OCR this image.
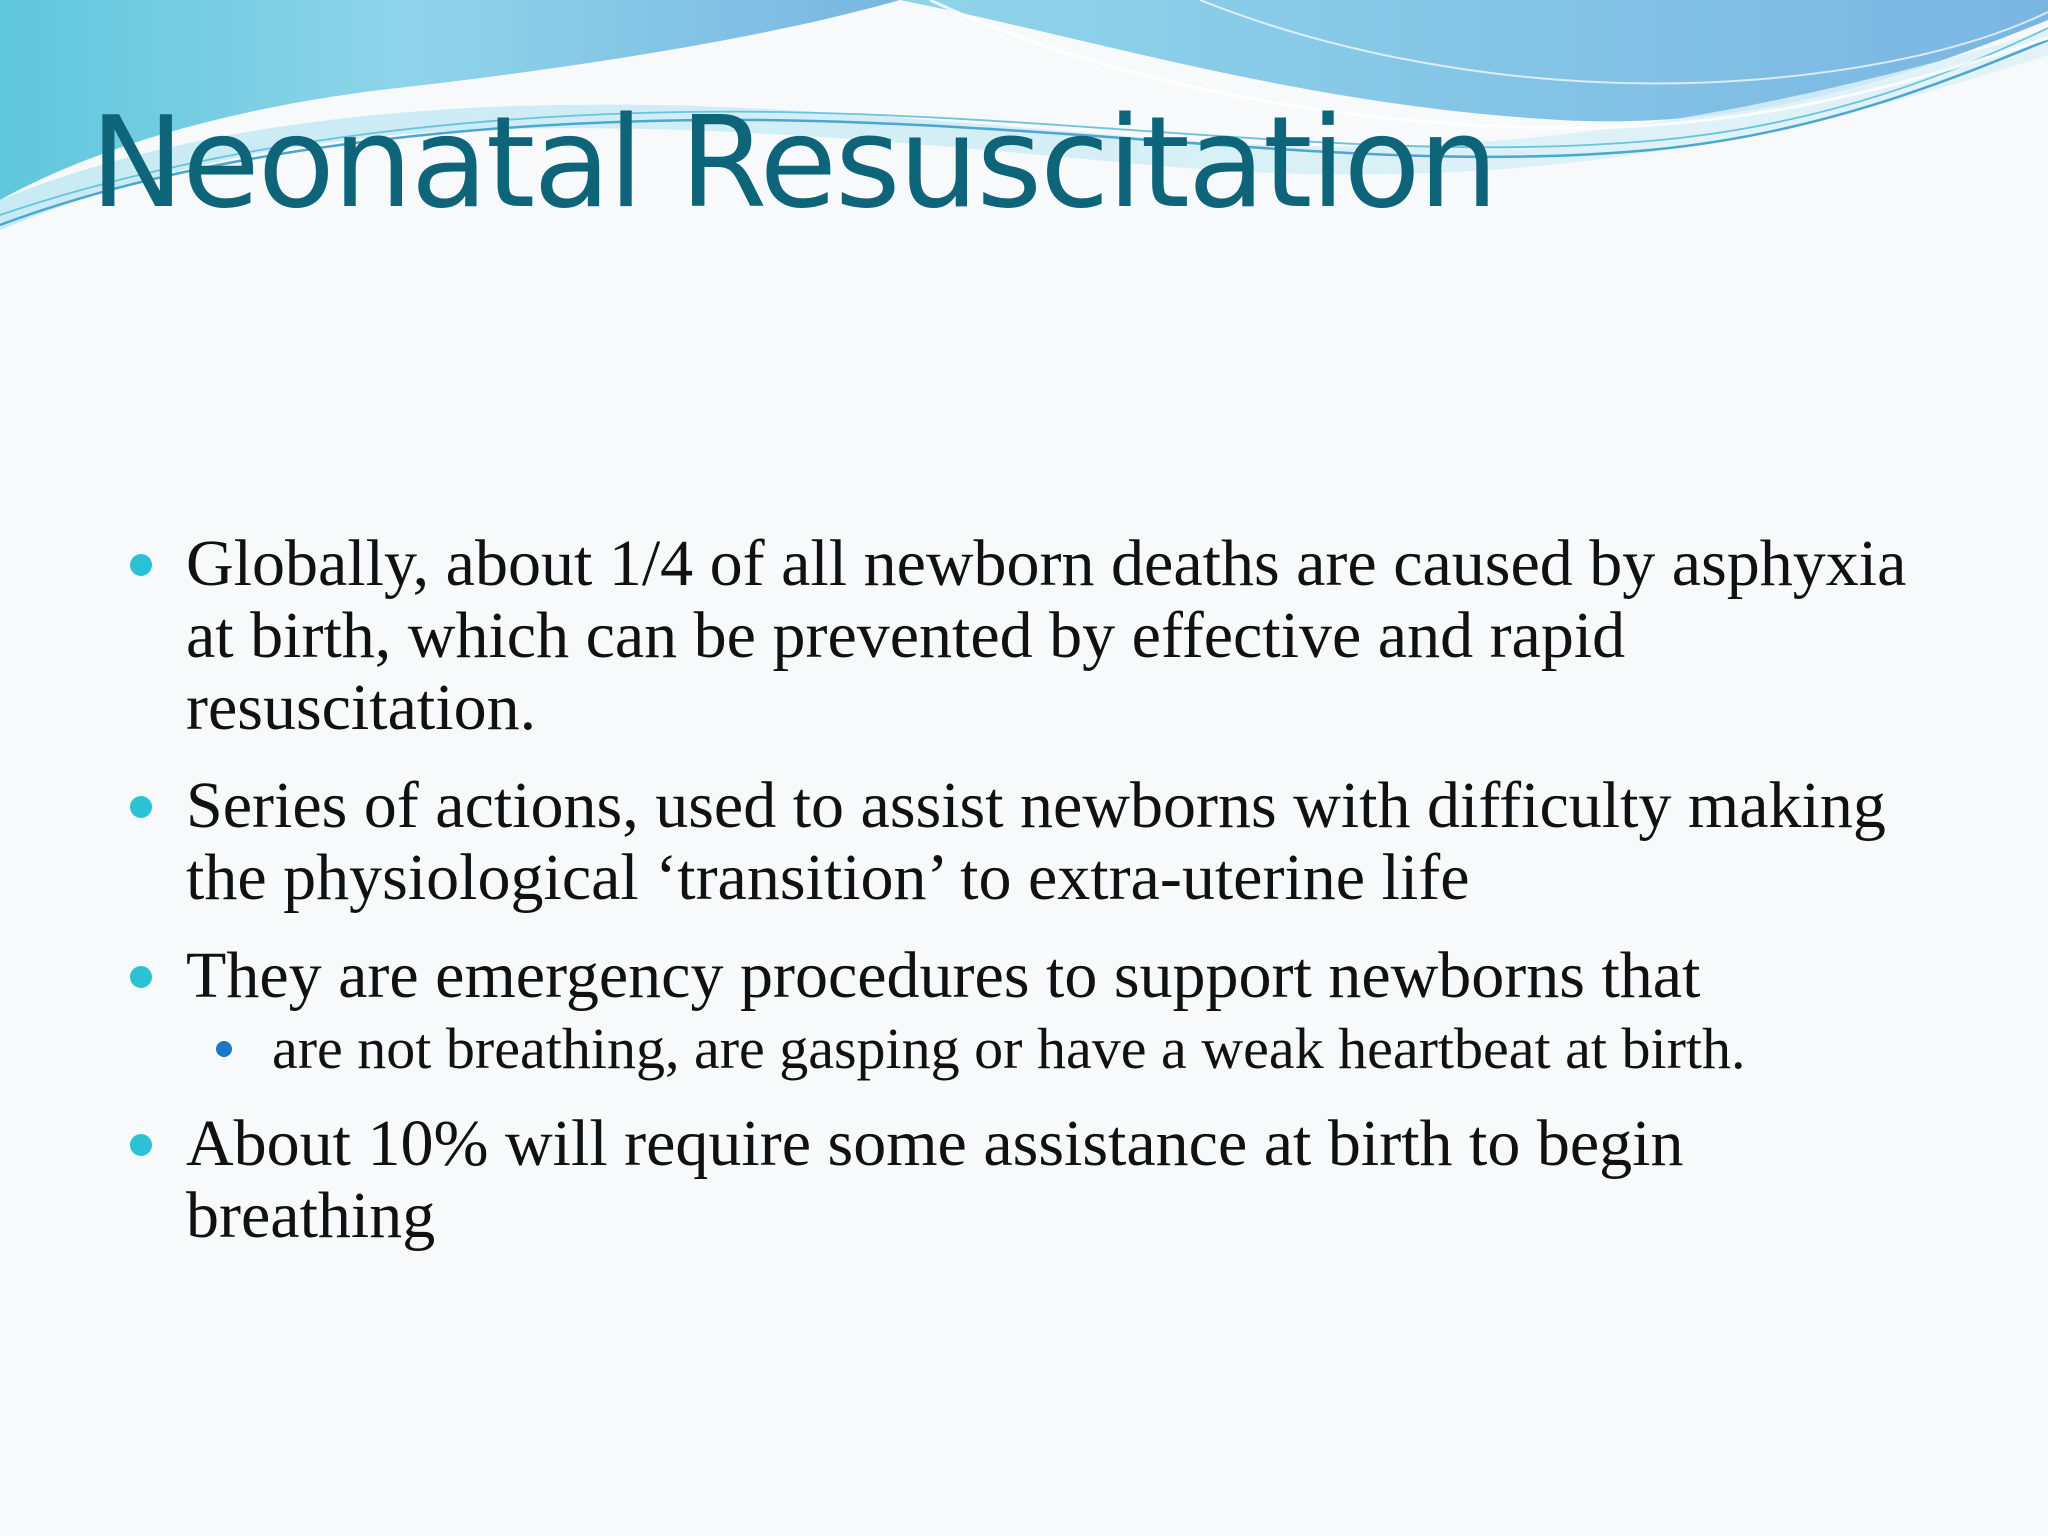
Neonatal Resuscitation
Globally, about 1/4 of all newborn deaths are caused by asphyxia at birth, which can be prevented by effective and rapid resuscitation.
Series of actions, used to assist newborns with difficulty making the physiological ‘transition’ to extra-uterine life
They are emergency procedures to support newborns that
are not breathing, are gasping or have a weak heartbeat at birth.
About 10% will require some assistance at birth to begin breathing
